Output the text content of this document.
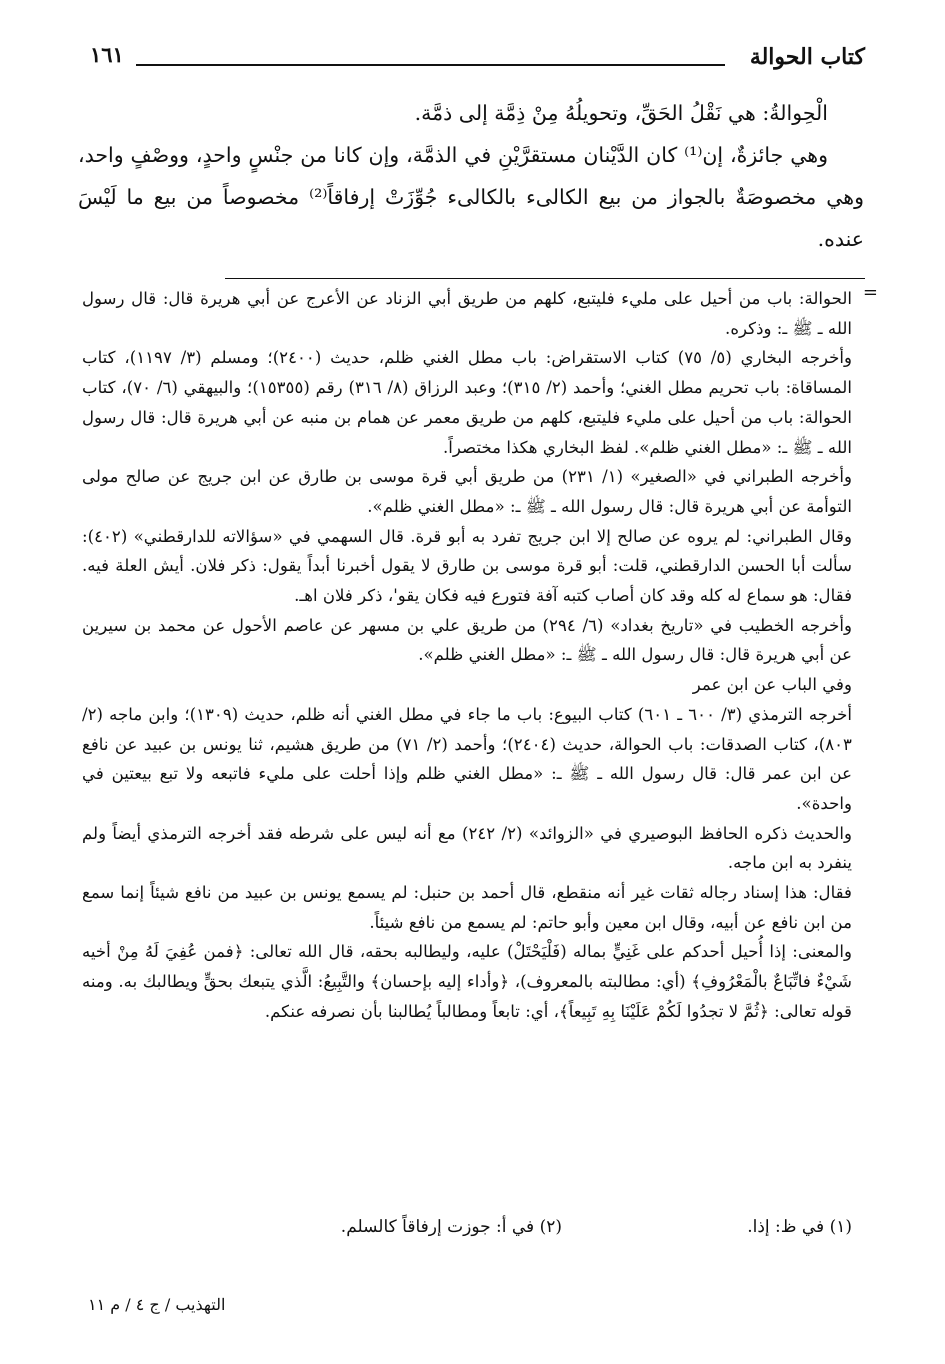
كتاب الحوالة
١٦١

الْحِوالةُ: هي نَقْلُ الحَقِّ، وتحويلُهُ مِنْ ذِمَّة إلى ذمَّة.

وهي جائزةٌ، إن⁽¹⁾ كان الدَّيْنان مستقرَّيْنِ في الذمَّة، وإن كانا من جنْسٍ واحدٍ، ووصْفٍ واحد، وهي مخصوصَةٌ بالجواز من بيع الكالىء بالكالىء جُوِّزَتْ إرفاقاً⁽²⁾ مخصوصاً من بيع ما لَيْسَ عنده.

=

الحوالة: باب من أحيل على مليء فليتبع، كلهم من طريق أبي الزناد عن الأعرج عن أبي هريرة قال: قال رسول الله ـ ﷺ ـ: وذكره.

وأخرجه البخاري (٥/ ٧٥) كتاب الاستقراض: باب مطل الغني ظلم، حديث (٢٤٠٠)؛ ومسلم (٣/ ١١٩٧)، كتاب المساقاة: باب تحريم مطل الغني؛ وأحمد (٢/ ٣١٥)؛ وعبد الرزاق (٨/ ٣١٦) رقم (١٥٣٥٥)؛ والبيهقي (٦/ ٧٠)، كتاب الحوالة: باب من أحيل على مليء فليتبع، كلهم من طريق معمر عن همام بن منبه عن أبي هريرة قال: قال رسول الله ـ ﷺ ـ: «مطل الغني ظلم». لفظ البخاري هكذا مختصراً.

وأخرجه الطبراني في «الصغير» (١/ ٢٣١) من طريق أبي قرة موسى بن طارق عن ابن جريج عن صالح مولى التوأمة عن أبي هريرة قال: قال رسول الله ـ ﷺ ـ: «مطل الغني ظلم».

وقال الطبراني: لم يروه عن صالح إلا ابن جريج تفرد به أبو قرة. قال السهمي في «سؤالاته للدارقطني» (٤٠٢): سألت أبا الحسن الدارقطني، قلت: أبو قرة موسى بن طارق لا يقول أخبرنا أبداً يقول: ذكر فلان. أيش العلة فيه. فقال: هو سماع له كله وقد كان أصاب كتبه آفة فتورع فيه فكان يقو'، ذكر فلان اهـ.

وأخرجه الخطيب في «تاريخ بغداد» (٦/ ٢٩٤) من طريق علي بن مسهر عن عاصم الأحول عن محمد بن سيرين عن أبي هريرة قال: قال رسول الله ـ ﷺ ـ: «مطل الغني ظلم».

وفي الباب عن ابن عمر

أخرجه الترمذي (٣/ ٦٠٠ ـ ٦٠١) كتاب البيوع: باب ما جاء في مطل الغني أنه ظلم، حديث (١٣٠٩)؛ وابن ماجه (٢/ ٨٠٣)، كتاب الصدقات: باب الحوالة، حديث (٢٤٠٤)؛ وأحمد (٢/ ٧١) من طريق هشيم، ثنا يونس بن عبيد عن نافع عن ابن عمر قال: قال رسول الله ـ ﷺ ـ: «مطل الغني ظلم وإذا أحلت على مليء فاتبعه ولا تبع بيعتين في واحدة».

والحديث ذكره الحافظ البوصيري في «الزوائد» (٢/ ٢٤٢) مع أنه ليس على شرطه فقد أخرجه الترمذي أيضاً ولم ينفرد به ابن ماجه.

فقال: هذا إسناد رجاله ثقات غير أنه منقطع، قال أحمد بن حنبل: لم يسمع يونس بن عبيد من نافع شيئاً إنما سمع من ابن نافع عن أبيه، وقال ابن معين وأبو حاتم: لم يسمع من نافع شيئاً.

والمعنى: إذا أُحيل أحدكم على غَنِيٍّ بماله (فَلْيَحْتَلْ) عليه، وليطالبه بحقه، قال الله تعالى: ﴿فمن عُفِيَ لَهُ مِنْ أخيه شَيْءٌ فاتِّبَاعٌ بالْمَعْرُوفِ﴾ (أي: مطالبته بالمعروف)، ﴿وأداء إليه بإحسان﴾ والتَّبِيعُ: الَّذي يتبعك بحقٍّ ويطالبك به. ومنه قوله تعالى: ﴿ثُمَّ لا تجدُوا لَكُمْ عَلَيْنَا بِهِ تَبِيعاً﴾، أي: تابعاً ومطالباً يُطالبنا بأن نصرفه عنكم.

(١) في ظ: إذا.
(٢) في أ: جوزت إرفاقاً كالسلم.
التهذيب / ج ٤ / م ١١
